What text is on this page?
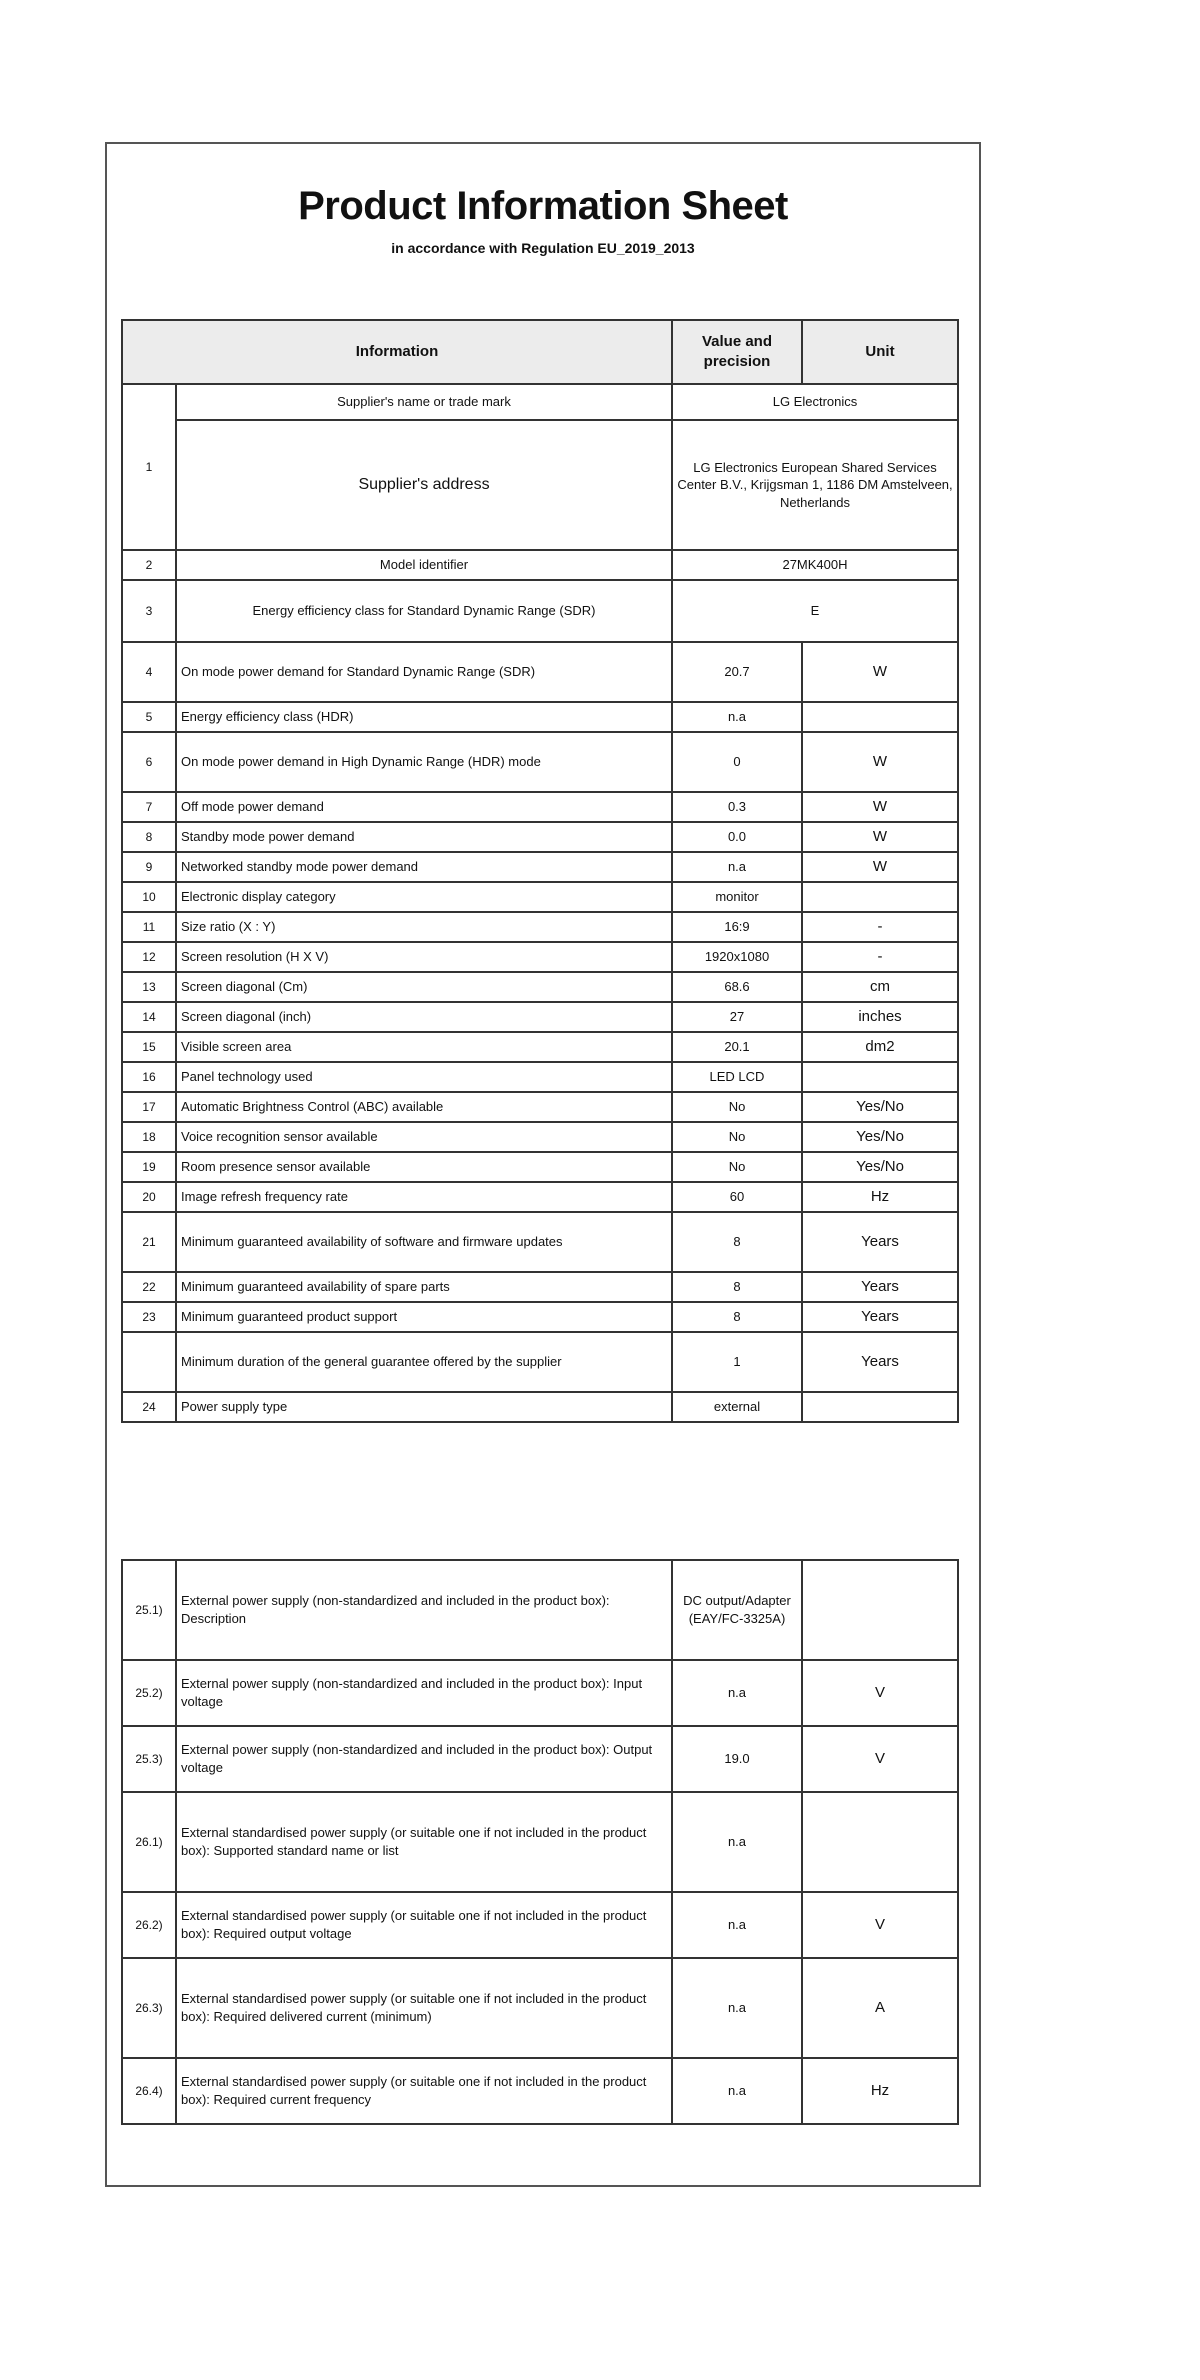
Product Information Sheet
in accordance with Regulation EU_2019_2013
Information		Value and precision	Unit
1	Supplier's name or trade mark	LG Electronics	
	Supplier's address	LG Electronics European Shared Services Center B.V., Krijgsman 1, 1186 DM Amstelveen, Netherlands	
2	Model identifier	27MK400H	
3	Energy efficiency class for Standard Dynamic Range (SDR)	E	
4	On mode power demand for Standard Dynamic Range (SDR)	20.7	W
5	Energy efficiency class (HDR)	n.a	
6	On mode power demand in High Dynamic Range (HDR) mode	0	W
7	Off mode power demand	0.3	W
8	Standby mode power demand	0.0	W
9	Networked standby mode power demand	n.a	W
10	Electronic display category	monitor	
11	Size ratio (X : Y)	16:9	-
12	Screen resolution (H X V)	1920x1080	-
13	Screen diagonal (Cm)	68.6	cm
14	Screen diagonal (inch)	27	inches
15	Visible screen area	20.1	dm2
16	Panel technology used	LED LCD	
17	Automatic Brightness Control (ABC) available	No	Yes/No
18	Voice recognition sensor available	No	Yes/No
19	Room presence sensor available	No	Yes/No
20	Image refresh frequency rate	60	Hz
21	Minimum guaranteed availability of software and firmware updates	8	Years
22	Minimum guaranteed availability of spare parts	8	Years
23	Minimum guaranteed product support	8	Years
	Minimum duration of the general guarantee offered by the supplier	1	Years
24	Power supply type	external	
25.1)	External power supply (non-standardized and included in the product box): Description	DC output/Adapter (EAY/FC-3325A)	
25.2)	External power supply (non-standardized and included in the product box): Input voltage	n.a	V
25.3)	External power supply (non-standardized and included in the product box): Output voltage	19.0	V
26.1)	External standardised power supply (or suitable one if not included in the product box): Supported standard name or list	n.a	
26.2)	External standardised power supply (or suitable one if not included in the product box): Required output voltage	n.a	V
26.3)	External standardised power supply (or suitable one if not included in the product box): Required delivered current (minimum)	n.a	A
26.4)	External standardised power supply (or suitable one if not included in the product box): Required current frequency	n.a	Hz
